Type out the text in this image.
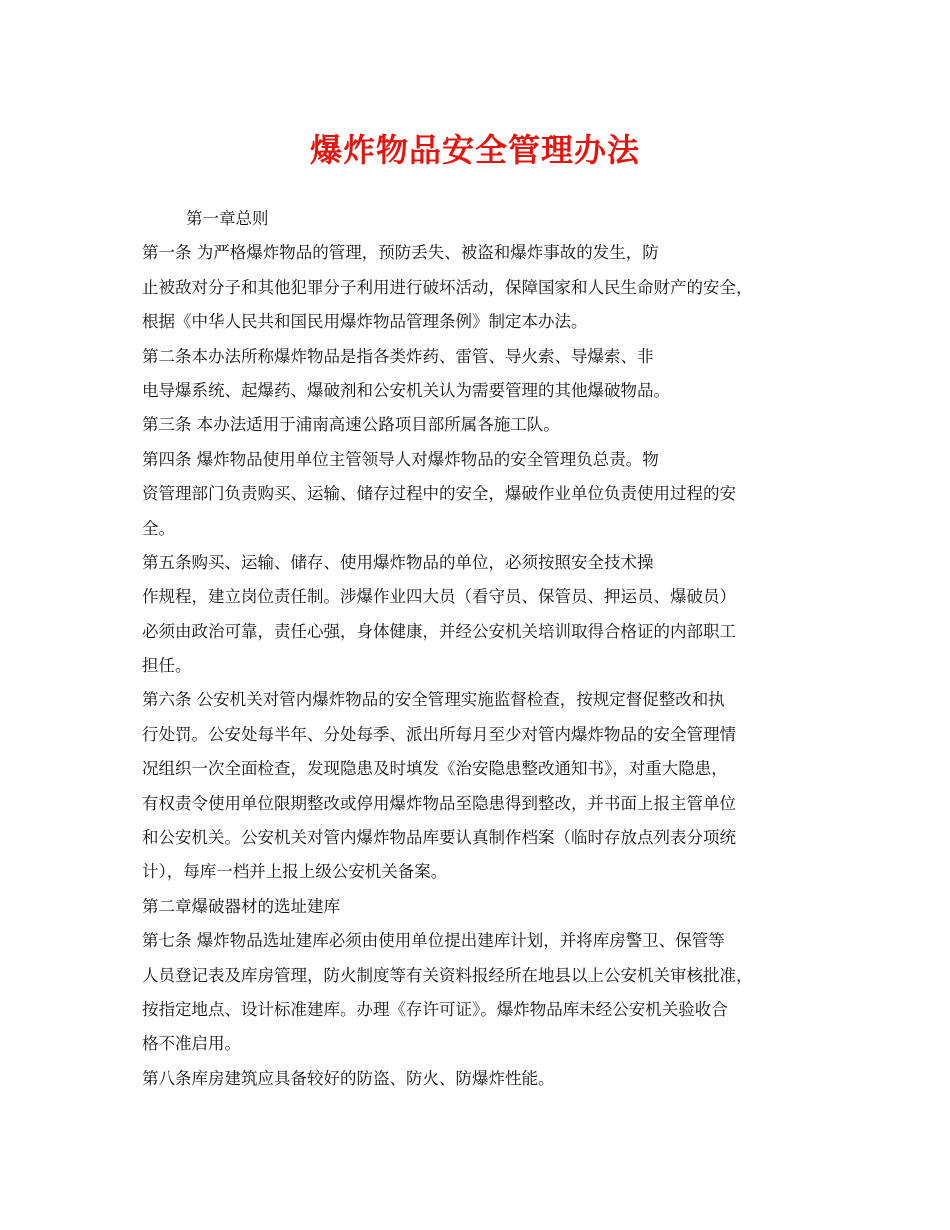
爆炸物品安全管理办法
第一章总则
第一条 为严格爆炸物品的管理，预防丢失、被盗和爆炸事故的发生，防
止被敌对分子和其他犯罪分子利用进行破坏活动，保障国家和人民生命财产的安全，
根据《中华人民共和国民用爆炸物品管理条例》制定本办法。
第二条本办法所称爆炸物品是指各类炸药、雷管、导火索、导爆索、非
电导爆系统、起爆药、爆破剂和公安机关认为需要管理的其他爆破物品。
第三条 本办法适用于浦南高速公路项目部所属各施工队。
第四条 爆炸物品使用单位主管领导人对爆炸物品的安全管理负总责。物
资管理部门负责购买、运输、储存过程中的安全，爆破作业单位负责使用过程的安
全。
第五条购买、运输、储存、使用爆炸物品的单位，必须按照安全技术操
作规程，建立岗位责任制。涉爆作业四大员（看守员、保管员、押运员、爆破员）
必须由政治可靠，责任心强，身体健康，并经公安机关培训取得合格证的内部职工
担任。
第六条 公安机关对管内爆炸物品的安全管理实施监督检查，按规定督促整改和执
行处罚。公安处每半年、分处每季、派出所每月至少对管内爆炸物品的安全管理情
况组织一次全面检查，发现隐患及时填发《治安隐患整改通知书》，对重大隐患，
有权责令使用单位限期整改或停用爆炸物品至隐患得到整改，并书面上报主管单位
和公安机关。公安机关对管内爆炸物品库要认真制作档案（临时存放点列表分项统
计），每库一档并上报上级公安机关备案。
第二章爆破器材的选址建库
第七条 爆炸物品选址建库必须由使用单位提出建库计划，并将库房警卫、保管等
人员登记表及库房管理，防火制度等有关资料报经所在地县以上公安机关审核批准，
按指定地点、设计标准建库。办理《存许可证》。爆炸物品库未经公安机关验收合
格不准启用。
第八条库房建筑应具备较好的防盗、防火、防爆炸性能。
